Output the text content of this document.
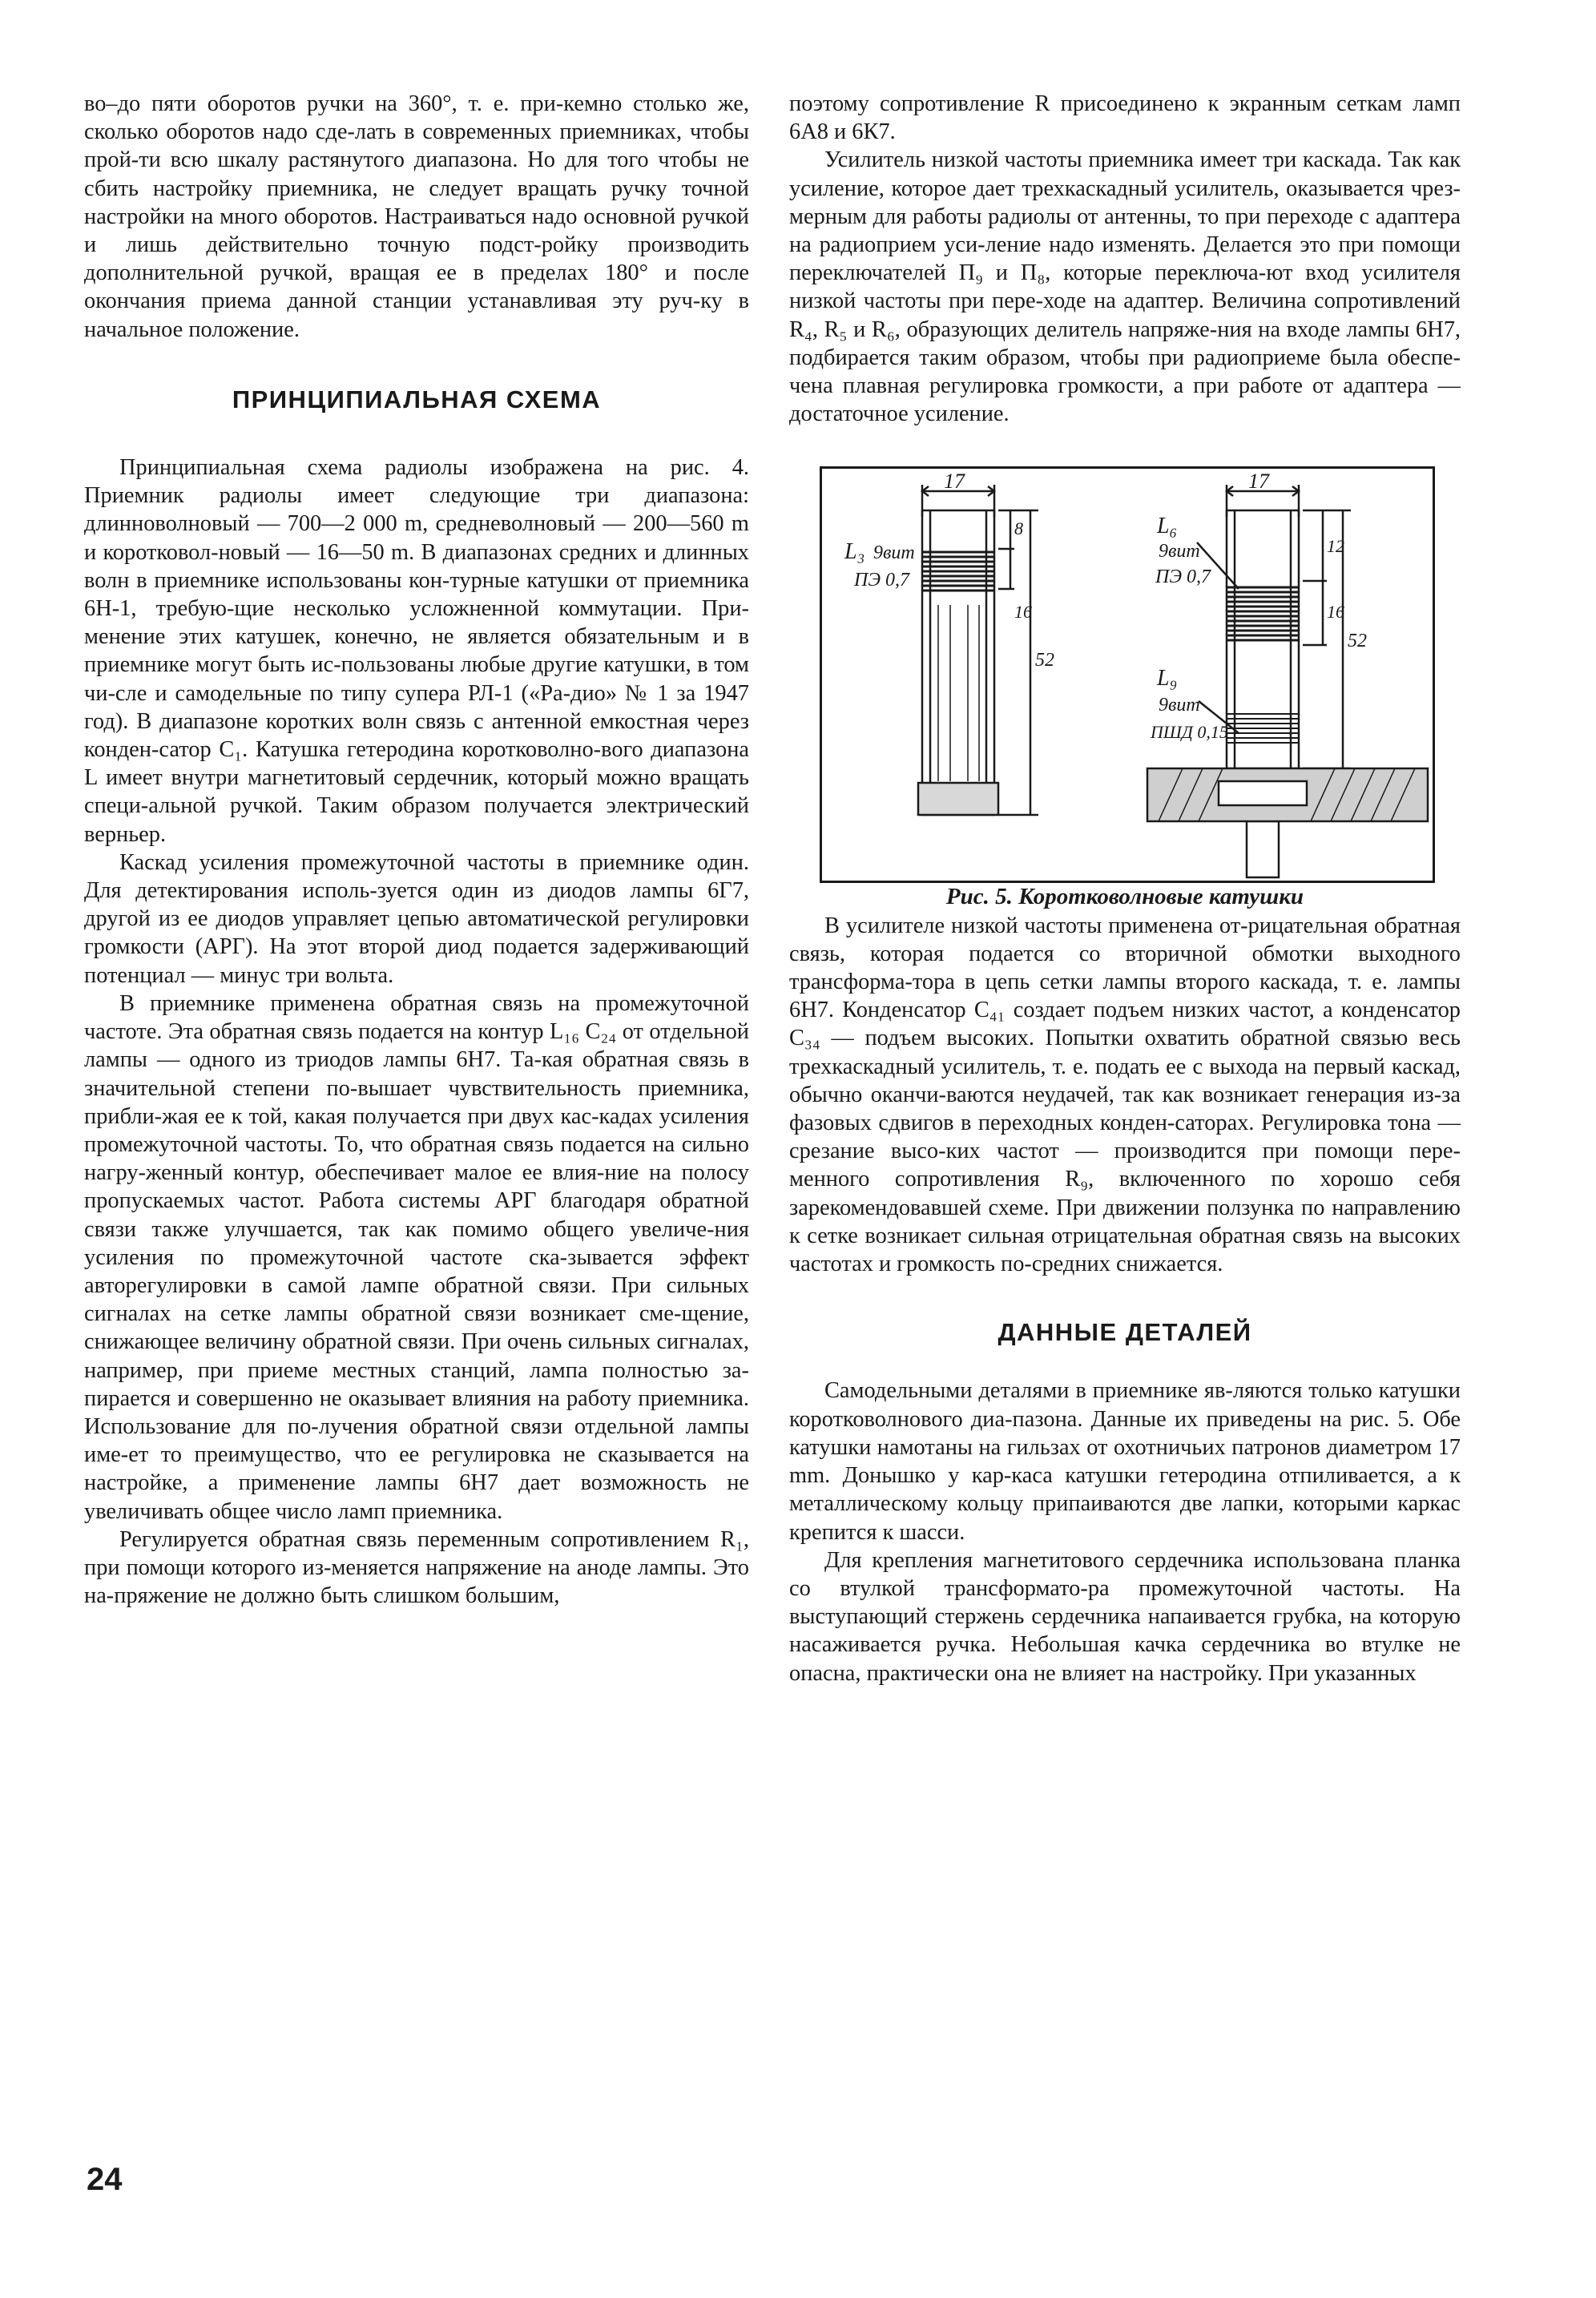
во–до пяти оборотов ручки на 360°, т. е. при-кемно столько же, сколько оборотов надо сде-лать в современных приемниках, чтобы прой-ти всю шкалу растянутого диапазона. Но для того чтобы не сбить настройку приемника, не следует вращать ручку точной настройки на много оборотов. Настраиваться надо основной ручкой и лишь действительно точную подст-ройку производить дополнительной ручкой, вращая ее в пределах 180° и после окончания приема данной станции устанавливая эту руч-ку в начальное положение.

ПРИНЦИПИАЛЬНАЯ СХЕМА

Принципиальная схема радиолы изображена на рис. 4. Приемник радиолы имеет следующие три диапазона: длинноволновый — 700—2 000 m, средневолновый — 200—560 m и коротковол-новый — 16—50 m. В диапазонах средних и длинных волн в приемнике использованы кон-турные катушки от приемника 6Н-1, требую-щие несколько усложненной коммутации. При-менение этих катушек, конечно, не является обязательным и в приемнике могут быть ис-пользованы любые другие катушки, в том чи-сле и самодельные по типу супера РЛ-1 («Ра-дио» № 1 за 1947 год). В диапазоне коротких волн связь с антенной емкостная через конден-сатор С₁. Катушка гетеродина коротковолно-вого диапазона L имеет внутри магнетитовый сердечник, который можно вращать специ-альной ручкой. Таким образом получается электрический верньер.

Каскад усиления промежуточной частоты в приемнике один. Для детектирования исполь-зуется один из диодов лампы 6Г7, другой из ее диодов управляет цепью автоматической регулировки громкости (АРГ). На этот второй диод подается задерживающий потенциал — минус три вольта.

В приемнике применена обратная связь на промежуточной частоте. Эта обратная связь подается на контур L₁₆ C₂₄ от отдельной лампы — одного из триодов лампы 6Н7. Та-кая обратная связь в значительной степени по-вышает чувствительность приемника, прибли-жая ее к той, какая получается при двух кас-кадах усиления промежуточной частоты. То, что обратная связь подается на сильно нагру-женный контур, обеспечивает малое ее влия-ние на полосу пропускаемых частот. Работа системы АРГ благодаря обратной связи также улучшается, так как помимо общего увеличе-ния усиления по промежуточной частоте ска-зывается эффект авторегулировки в самой лампе обратной связи. При сильных сигналах на сетке лампы обратной связи возникает сме-щение, снижающее величину обратной связи. При очень сильных сигналах, например, при приеме местных станций, лампа полностью за-пирается и совершенно не оказывает влияния на работу приемника. Использование для по-лучения обратной связи отдельной лампы име-ет то преимущество, что ее регулировка не сказывается на настройке, а применение лампы 6Н7 дает возможность не увеличивать общее число ламп приемника.

Регулируется обратная связь переменным сопротивлением R₁, при помощи которого из-меняется напряжение на аноде лампы. Это на-пряжение не должно быть слишком большим,

поэтому сопротивление R присоединено к экранным сеткам ламп 6А8 и 6К7.

Усилитель низкой частоты приемника имеет три каскада. Так как усиление, которое дает трехкаскадный усилитель, оказывается чрез-мерным для работы радиолы от антенны, то при переходе с адаптера на радиоприем уси-ление надо изменять. Делается это при помощи переключателей П₉ и П₈, которые переключа-ют вход усилителя низкой частоты при пере-ходе на адаптер. Величина сопротивлений R₄, R₅ и R₆, образующих делитель напряже-ния на входе лампы 6Н7, подбирается таким образом, чтобы при радиоприеме была обеспе-чена плавная регулировка громкости, а при работе от адаптера — достаточное усиление.

17
L₃ 9вит
ПЭ 0,7
8
16
52
17
L₆
9вит
ПЭ 0,7
L₉
9вит
ПШД 0,15
12
16
52

Рис. 5. Коротковолновые катушки

В усилителе низкой частоты применена от-рицательная обратная связь, которая подается со вторичной обмотки выходного трансформа-тора в цепь сетки лампы второго каскада, т. е. лампы 6Н7. Конденсатор C₄₁ создает подъем низких частот, а конденсатор C₃₄ — подъем высоких. Попытки охватить обратной связью весь трехкаскадный усилитель, т. е. подать ее с выхода на первый каскад, обычно оканчи-ваются неудачей, так как возникает генерация из-за фазовых сдвигов в переходных конден-саторах. Регулировка тона — срезание высо-ких частот — производится при помощи пере-менного сопротивления R₉, включенного по хорошо себя зарекомендовавшей схеме. При движении ползунка по направлению к сетке возникает сильная отрицательная обратная связь на высоких частотах и громкость по-средних снижается.

ДАННЫЕ ДЕТАЛЕЙ

Самодельными деталями в приемнике яв-ляются только катушки коротковолнового диа-пазона. Данные их приведены на рис. 5. Обе катушки намотаны на гильзах от охотничьих патронов диаметром 17 mm. Донышко у кар-каса катушки гетеродина отпиливается, а к металлическому кольцу припаиваются две лапки, которыми каркас крепится к шасси.

Для крепления магнетитового сердечника использована планка со втулкой трансформато-ра промежуточной частоты. На выступающий стержень сердечника напаивается грубка, на которую насаживается ручка. Небольшая качка сердечника во втулке не опасна, практически она не влияет на настройку. При указанных

24
